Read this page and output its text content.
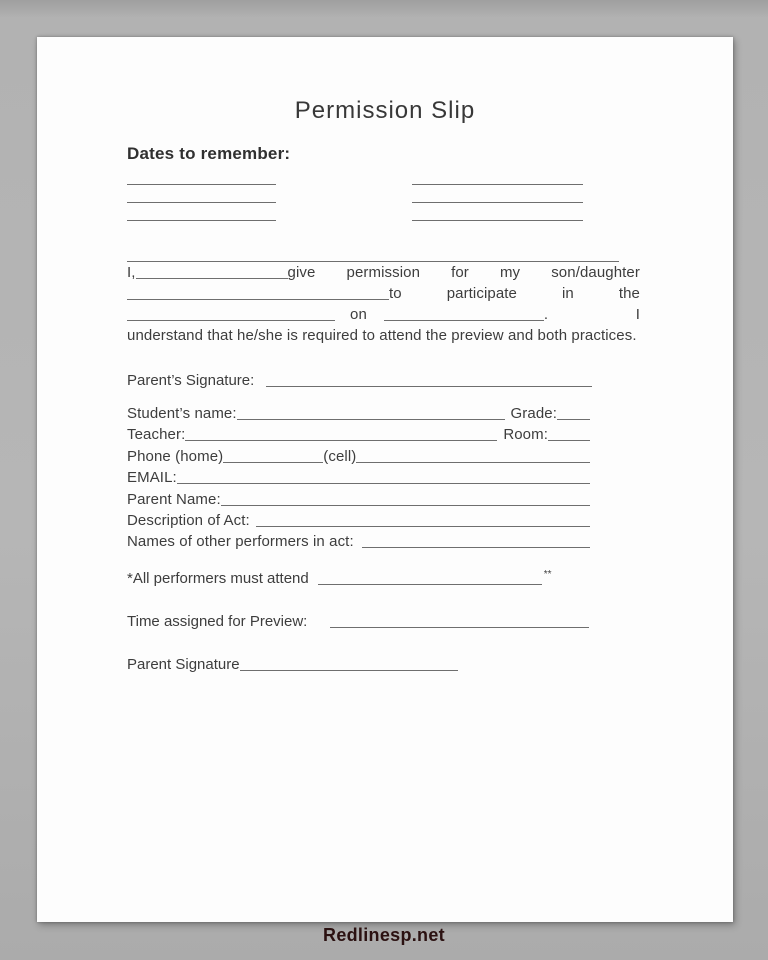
Permission Slip
Dates to remember:
I,	give permission for my son/daughter
to	participate	in	the
on	.	I
understand that he/she is required to attend the preview and both practices.
Parent’s Signature:
Student’s name:	Grade:
Teacher:	Room:
Phone (home)	(cell)
EMAIL:
Parent Name:
Description of Act:
Names of other performers in act:
*All performers must attend	**
Time assigned for Preview:
Parent Signature
Redlinesp.net
